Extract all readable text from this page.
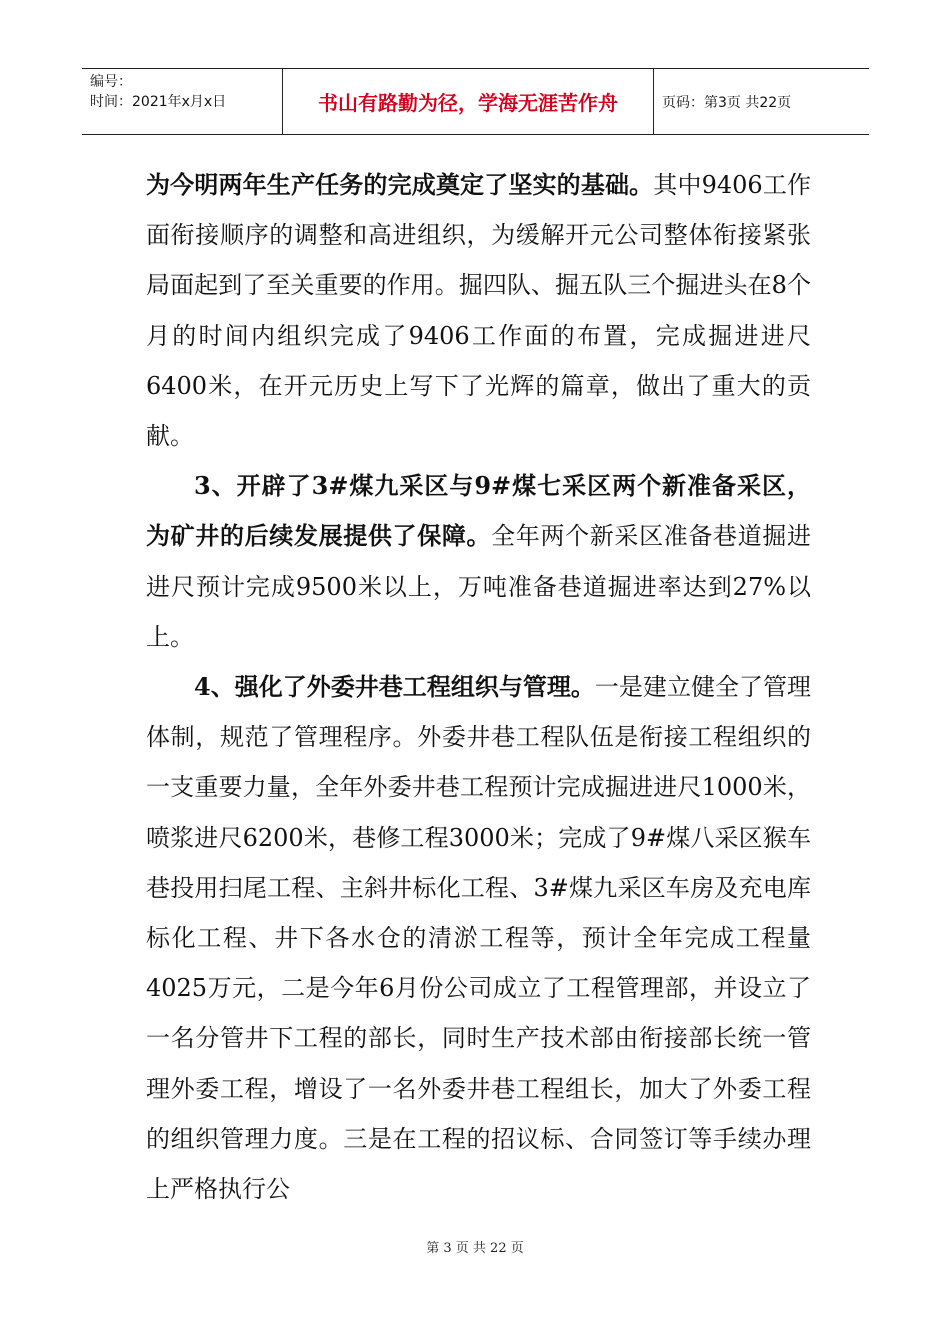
编号：
时间：2021年x月x日	书山有路勤为径，学海无涯苦作舟	页码：第3页 共22页

为今明两年生产任务的完成奠定了坚实的基础。其中9406工作面衔接顺序的调整和高进组织，为缓解开元公司整体衔接紧张局面起到了至关重要的作用。掘四队、掘五队三个掘进头在8个月的时间内组织完成了9406工作面的布置，完成掘进进尺6400米，在开元历史上写下了光辉的篇章，做出了重大的贡献。

3、开辟了3#煤九采区与9#煤七采区两个新准备采区，为矿井的后续发展提供了保障。全年两个新采区准备巷道掘进进尺预计完成9500米以上，万吨准备巷道掘进率达到27%以上。

4、强化了外委井巷工程组织与管理。一是建立健全了管理体制，规范了管理程序。外委井巷工程队伍是衔接工程组织的一支重要力量，全年外委井巷工程预计完成掘进进尺1000米，喷浆进尺6200米，巷修工程3000米；完成了9#煤八采区猴车巷投用扫尾工程、主斜井标化工程、3#煤九采区车房及充电库标化工程、井下各水仓的清淤工程等，预计全年完成工程量4025万元，二是今年6月份公司成立了工程管理部，并设立了一名分管井下工程的部长，同时生产技术部由衔接部长统一管理外委工程，增设了一名外委井巷工程组长，加大了外委工程的组织管理力度。三是在工程的招议标、合同签订等手续办理上严格执行公

第 3 页 共 22 页
